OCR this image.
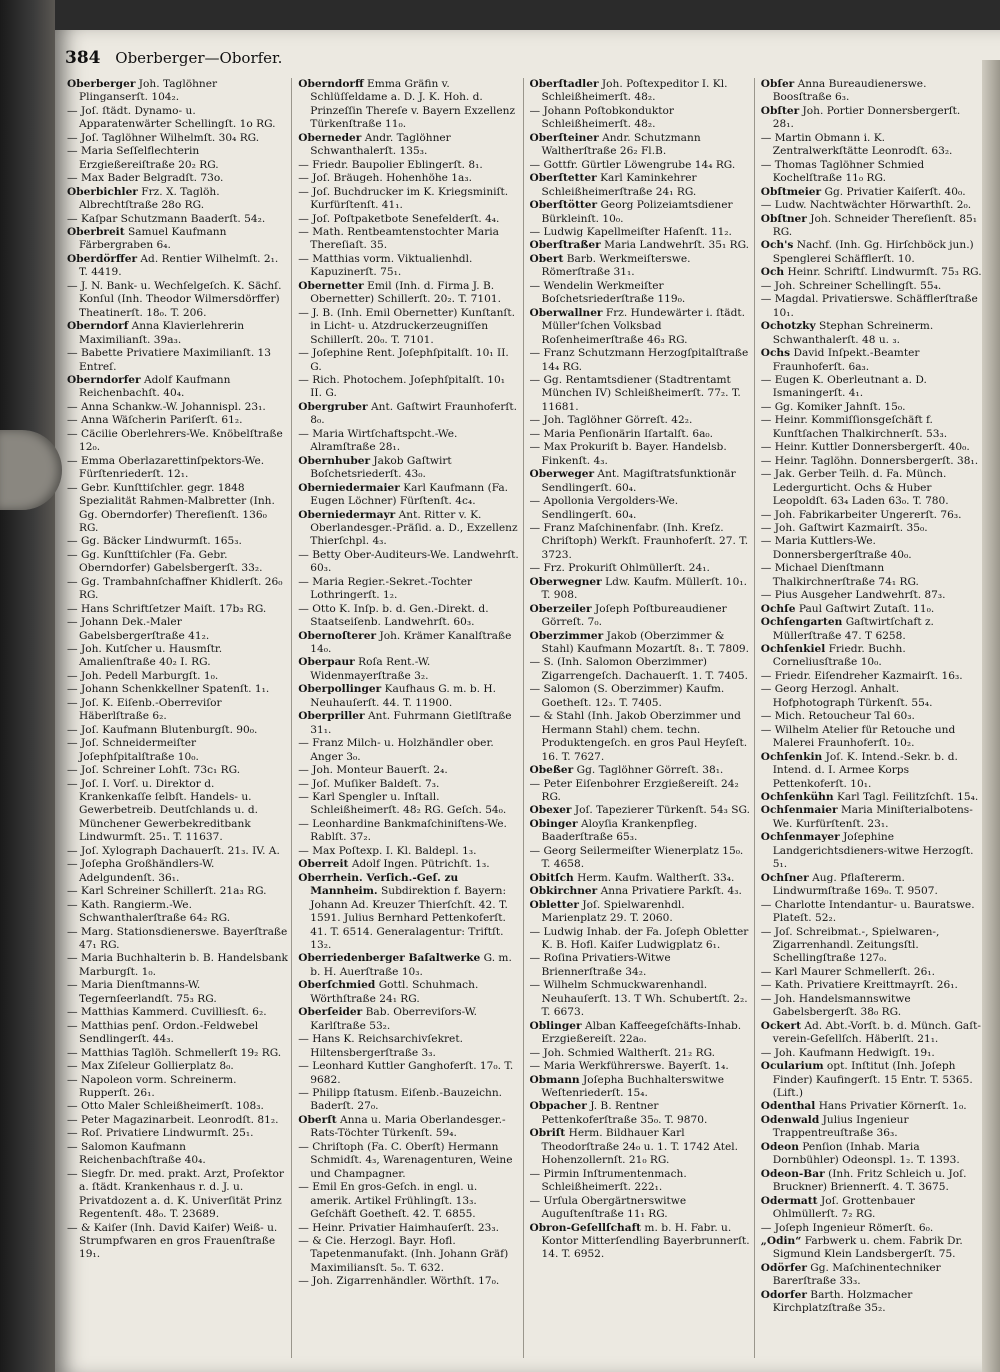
384 Oberberger—Oborfer.

Oberberger Joh. Taglöhner Plinganserſt. 104₂.

— Joſ. ſtädt. Dynamo- u. Apparatenwärter Schellingſt. 1o RG.

— Joſ. Taglöhner Wilhelmſt. 30₄ RG.

— Maria Seſſelflechterin Erzgießereiſtraße 20₂ RG.

— Max Bader Belgradſt. 73o.

Oberbichler Frz. X. Taglöh. Albrechtſtraße 28o RG.

— Kaſpar Schutzmann Baaderſt. 54₂.

Oberbreit Samuel Kaufmann Färbergraben 6₄.

Oberdörffer Ad. Rentier Wilhelmſt. 2₁. T. 4419.

— J. N. Bank- u. Wechſelgeſch. K. Sächſ. Konſul (Inh. Theodor Wilmersdörffer) Theatinerſt. 18₀. T. 206.

Oberndorf Anna Klavierlehrerin Maximilianſt. 39a₃.

— Babette Privatiere Maximilianſt. 13 Entreſ.

Oberndorfer Adolf Kaufmann Reichenbachſt. 40₄.

— Anna Schankw.-W. Johannispl. 23₁.

— Anna Wäſcherin Pariſerſt. 61₂.

— Cäcilie Oberlehrers-We. Knöbelſtraße 12₀.

— Emma Oberlazarettinſpektors-We. Fürſtenriederſt. 12₁.

— Gebr. Kunſttiſchler. gegr. 1848 Spezialität Rahmen-Malbretter (Inh. Gg. Oberndorfer) Thereſienſt. 136₀ RG.

— Gg. Bäcker Lindwurmſt. 165₃.

— Gg. Kunſttiſchler (Fa. Gebr. Oberndorfer) Gabelsbergerſt. 33₂.

— Gg. Trambahnſchaffner Khidlerſt. 26₀ RG.

— Hans Schriftſetzer Maiſt. 17b₃ RG.

— Johann Dek.-Maler Gabelsbergerſtraße 41₂.

— Joh. Kutſcher u. Hausmſtr. Amalienſtraße 40₂ I. RG.

— Joh. Pedell Marburgſt. 1₀.

— Johann Schenkkellner Spatenſt. 1₁.

— Joſ. K. Eiſenb.-Oberreviſor Häberlſtraße 6₂.

— Joſ. Kaufmann Blutenburgſt. 90₀.

— Joſ. Schneidermeiſter Joſephſpitalſtraße 10₀.

— Joſ. Schreiner Lohſt. 73c₁ RG.

— Joſ. I. Vorſ. u. Direktor d. Krankenkaſſe ſelbſt. Handels- u. Gewerbetreib. Deutſchlands u. d. Münchener Gewerbekreditbank Lindwurmſt. 25₁. T. 11637.

— Joſ. Xylograph Dachauerſt. 21₃. IV. A.

— Joſepha Großhändlers-W. Adelgundenſt. 36₁.

— Karl Schreiner Schillerſt. 21a₃ RG.

— Kath. Rangierm.-We. Schwanthalerſtraße 64₂ RG.

— Marg. Stationsdienerswe. Bayerſtraße 47₁ RG.

— Maria Buchhalterin b. B. Handelsbank Marburgſt. 1₀.

— Maria Dienſtmanns-W. Tegernſeerlandſt. 75₃ RG.

— Matthias Kammerd. Cuvilliesſt. 6₂.

— Matthias penſ. Ordon.-Feldwebel Sendlingerſt. 44₃.

— Matthias Taglöh. Schmellerſt 19₂ RG.

— Max Ziſeleur Gollierplatz 8₀.

— Napoleon vorm. Schreinerm. Rupperſt. 26₁.

— Otto Maler Schleißheimerſt. 108₃.

— Peter Magazinarbeit. Leonrodſt. 81₂.

— Roſ. Privatiere Lindwurmſt. 25₁.

— Salomon Kaufmann Reichenbachſtraße 40₄.

— Siegfr. Dr. med. prakt. Arzt, Proſektor a. ſtädt. Krankenhaus r. d. J. u. Privatdozent a. d. K. Univerſität Prinz Regentenſt. 48₀. T. 23689.

— & Kaiſer (Inh. David Kaiſer) Weiß- u. Strumpfwaren en gros Frauenſtraße 19₁.

Oberndorff Emma Gräfin v. Schlüſſeldame a. D. J. K. Hoh. d. Prinzeſſin Thereſe v. Bayern Exzellenz Türkenſtraße 11₀.

Oberneder Andr. Taglöhner Schwanthalerſt. 135₃.

— Friedr. Baupolier Eblingerſt. 8₁.

— Joſ. Bräugeh. Hohenhöhe 1a₃.

— Joſ. Buchdrucker im K. Kriegsminiſt. Kurfürſtenſt. 41₁.

— Joſ. Poſtpaketbote Senefelderſt. 4₄.

— Math. Rentbeamtenstochter Maria Thereſiaſt. 35.

— Matthias vorm. Viktualienhdl. Kapuzinerſt. 75₁.

Obernetter Emil (Inh. d. Firma J. B. Obernetter) Schillerſt. 20₂. T. 7101.

— J. B. (Inh. Emil Obernetter) Kunſtanſt. in Licht- u. Atzdruckerzeugniſſen Schillerſt. 20₀. T. 7101.

— Joſephine Rent. Joſephſpitalſt. 10₁ II. G.

— Rich. Photochem. Joſephſpitalſt. 10₁ II. G.

Obergruber Ant. Gaſtwirt Fraunhoferſt. 8₀.

— Maria Wirtſchaftspcht.-We. Alramſtraße 28₁.

Obernhuber Jakob Gaſtwirt Boſchetsriederſt. 43₀.

Oberniedermaier Karl Kaufmann (Fa. Eugen Löchner) Fürſtenſt. 4c₄.

Oberniedermayr Ant. Ritter v. K. Oberlandesger.-Präſid. a. D., Exzellenz Thierſchpl. 4₃.

— Betty Ober-Auditeurs-We. Landwehrſt. 60₃.

— Maria Regier.-Sekret.-Tochter Lothringerſt. 1₂.

— Otto K. Inſp. b. d. Gen.-Direkt. d. Staatseiſenb. Landwehrſt. 60₃.

Obernoſterer Joh. Krämer Kanalſtraße 14₀.

Oberpaur Roſa Rent.-W. Widenmayerſtraße 3₂.

Oberpollinger Kaufhaus G. m. b. H. Neuhauſerſt. 44. T. 11900.

Oberpriller Ant. Fuhrmann Gietlſtraße 31₁.

— Franz Milch- u. Holzhändler ober. Anger 3₀.

— Joh. Monteur Bauerſt. 2₄.

— Joſ. Muſiker Baldeſt. 7₃.

— Karl Spengler u. Inſtall. Schleißheimerſt. 48₂ RG. Geſch. 54₀.

— Leonhardine Bankmaſchiniſtens-We. Rablſt. 37₂.

— Max Poſtexp. I. Kl. Baldepl. 1₃.

Oberreit Adolf Ingen. Pütrichſt. 1₃.

Oberrhein. Verſich.-Geſ. zu Mannheim. Subdirektion f. Bayern: Johann Ad. Kreuzer Thierſchſt. 42. T. 1591. Julius Bernhard Pettenkoferſt. 41. T. 6514. Generalagentur: Triftſt. 13₂.

Oberriedenberger Baſaltwerke G. m. b. H. Auerſtraße 10₃.

Oberſchmied Gottl. Schuhmach. Wörthſtraße 24₁ RG.

Oberſeider Bab. Oberreviſors-W. Karlſtraße 53₂.

— Hans K. Reichsarchivſekret. Hiltensbergerſtraße 3₃.

— Leonhard Kuttler Ganghoferſt. 17₀. T. 9682.

— Philipp ſtatusm. Eiſenb.-Bauzeichn. Baderſt. 27₀.

Oberſt Anna u. Maria Oberlandesger.-Rats-Töchter Türkenſt. 59₄.

— Chriſtoph (Fa. C. Oberſt) Hermann Schmidſt. 4₃, Warenagenturen, Weine und Champagner.

— Emil En gros-Geſch. in engl. u. amerik. Artikel Frühlingſt. 13₃. Geſchäft Goetheſt. 42. T. 6855.

— Heinr. Privatier Haimhauſerſt. 23₃.

— & Cie. Herzogl. Bayr. Hofl. Tapetenmanufakt. (Inh. Johann Gräf) Maximiliansſt. 5₀. T. 632.

— Joh. Zigarrenhändler. Wörthſt. 17₀.

Oberſtadler Joh. Poſtexpeditor I. Kl. Schleißheimerſt. 48₂.

— Johann Poſtobkonduktor Schleißheimerſt. 48₂.

Oberſteiner Andr. Schutzmann Waltherſtraße 26₂ Fl.B.

— Gottfr. Gürtler Löwengrube 14₄ RG.

Oberſtetter Karl Kaminkehrer Schleißheimerſtraße 24₁ RG.

Oberſtötter Georg Polizeiamtsdiener Bürkleinſt. 10₀.

— Ludwig Kapellmeiſter Haſenſt. 11₂.

Oberſtraßer Maria Landwehrſt. 35₁ RG.

Obert Barb. Werkmeiſterswe. Römerſtraße 31₁.

— Wendelin Werkmeiſter Boſchetsriederſtraße 119₀.

Oberwallner Frz. Hundewärter i. ſtädt. Müller'ſchen Volksbad Roſenheimerſtraße 46₃ RG.

— Franz Schutzmann Herzogſpitalſtraße 14₄ RG.

— Gg. Rentamtsdiener (Stadtrentamt München IV) Schleißheimerſt. 77₂. T. 11681.

— Joh. Taglöhner Görreſt. 42₂.

— Maria Penſionärin Iſartalſt. 6a₀.

— Max Prokuriſt b. Bayer. Handelsb. Finkenſt. 4₃.

Oberweger Ant. Magiſtratsfunktionär Sendlingerſt. 60₄.

— Apollonia Vergolders-We. Sendlingerſt. 60₄.

— Franz Maſchinenfabr. (Inh. Kreſz. Chriſtoph) Werkſt. Fraunhoferſt. 27. T. 3723.

— Frz. Prokuriſt Ohlmüllerſt. 24₁.

Oberwegner Ldw. Kaufm. Müllerſt. 10₁. T. 908.

Oberzeiler Joſeph Poſtbureaudiener Görreſt. 7₀.

Oberzimmer Jakob (Oberzimmer & Stahl) Kaufmann Mozartſt. 8₁. T. 7809.

— S. (Inh. Salomon Oberzimmer) Zigarrengeſch. Dachauerſt. 1. T. 7405.

— Salomon (S. Oberzimmer) Kaufm. Goetheſt. 12₃. T. 7405.

— & Stahl (Inh. Jakob Oberzimmer und Hermann Stahl) chem. techn. Produktengeſch. en gros Paul Heyſeſt. 16. T. 7627.

Obeßer Gg. Taglöhner Görreſt. 38₁.

— Peter Eiſenbohrer Erzgießereiſt. 24₂ RG.

Obexer Joſ. Tapezierer Türkenſt. 54₃ SG.

Obinger Aloyſia Krankenpfleg. Baaderſtraße 65₃.

— Georg Seilermeiſter Wienerplatz 15₀. T. 4658.

Obitſch Herm. Kaufm. Waltherſt. 33₄.

Obkirchner Anna Privatiere Parkſt. 4₃.

Obletter Joſ. Spielwarenhdl. Marienplatz 29. T. 2060.

— Ludwig Inhab. der Fa. Joſeph Obletter K. B. Hofl. Kaiſer Ludwigplatz 6₁.

— Roſina Privatiers-Witwe Briennerſtraße 34₂.

— Wilhelm Schmuckwarenhandl. Neuhauſerſt. 13. T Wh. Schubertſt. 2₂. T. 6673.

Oblinger Alban Kaffeegeſchäfts-Inhab. Erzgießereiſt. 22a₀.

— Joh. Schmied Waltherſt. 21₂ RG.

— Maria Werkführerswe. Bayerſt. 1₄.

Obmann Joſepha Buchhalterswitwe Weſtenriederſt. 15₄.

Obpacher J. B. Rentner Pettenkoferſtraße 35₀. T. 9870.

Obriſt Herm. Bildhauer Karl Theodorſtraße 24₀ u. 1. T. 1742 Atel. Hohenzollernſt. 21₀ RG.

— Pirmin Inſtrumentenmach. Schleißheimerſt. 222₁.

— Urſula Obergärtnerswitwe Auguſtenſtraße 11₁ RG.

Obron-Geſellſchaft m. b. H. Fabr. u. Kontor Mitterſendling Bayerbrunnerſt. 14. T. 6952.

Obſer Anna Bureaudienerswe. Boosſtraße 6₃.

Obſter Joh. Portier Donnersbergerſt. 28₁.

— Martin Obmann i. K. Zentralwerkſtätte Leonrodſt. 63₂.

— Thomas Taglöhner Schmied Kochelſtraße 11₀ RG.

Obſtmeier Gg. Privatier Kaiſerſt. 40₀.

— Ludw. Nachtwächter Hörwarthſt. 2₀.

Obſtner Joh. Schneider Thereſienſt. 85₁ RG.

Och's Nachf. (Inh. Gg. Hirſchböck jun.) Spenglerei Schäfflerſt. 10.

Och Heinr. Schriftſ. Lindwurmſt. 75₃ RG.

— Joh. Schreiner Schellingſt. 55₄.

— Magdal. Privatierswe. Schäfflerſtraße 10₁.

Ochotzky Stephan Schreinerm. Schwanthalerſt. 48 u. ₃.

Ochs David Inſpekt.-Beamter Fraunhoferſt. 6a₃.

— Eugen K. Oberleutnant a. D. Ismaningerſt. 4₁.

— Gg. Komiker Jahnſt. 15₀.

— Heinr. Kommiſſionsgeſchäft f. Kunſtſachen Thalkirchnerſt. 53₃.

— Heinr. Kuttler Donnersbergerſt. 40₀.

— Heinr. Taglöhn. Donnersbergerſt. 38₁.

— Jak. Gerber Teilh. d. Fa. Münch. Ledergurticht. Ochs & Huber Leopoldſt. 63₄ Laden 63₀. T. 780.

— Joh. Fabrikarbeiter Ungererſt. 76₃.

— Joh. Gaſtwirt Kazmairſt. 35₀.

— Maria Kuttlers-We. Donnersbergerſtraße 40₀.

— Michael Dienſtmann Thalkirchnerſtraße 74₁ RG.

— Pius Ausgeher Landwehrſt. 87₃.

Ochſe Paul Gaſtwirt Zutaſt. 11₀.

Ochſengarten Gaſtwirtſchaft z. Müllerſtraße 47. T 6258.

Ochſenkiel Friedr. Buchh. Corneliusſtraße 10₀.

— Friedr. Eiſendreher Kazmairſt. 16₃.

— Georg Herzogl. Anhalt. Hofphotograph Türkenſt. 55₄.

— Mich. Retoucheur Tal 60₃.

— Wilhelm Atelier für Retouche und Malerei Fraunhoferſt. 10₂.

Ochſenkin Joſ. K. Intend.-Sekr. b. d. Intend. d. I. Armee Korps Pettenkoferſt. 10₁.

Ochſenkühn Karl Tagl. Feilitzſchſt. 15₄.

Ochſenmaier Maria Miniſterialbotens-We. Kurfürſtenſt. 23₁.

Ochſenmayer Joſephine Landgerichtsdieners-witwe Herzogſt. 5₁.

Ochſner Aug. Pflaſtererm. Lindwurmſtraße 169₀. T. 9507.

— Charlotte Intendantur- u. Bauratswe. Plateſt. 52₂.

— Joſ. Schreibmat.-, Spielwaren-, Zigarrenhandl. Zeitungsſtl. Schellingſtraße 127₀.

— Karl Maurer Schmellerſt. 26₁.

— Kath. Privatiere Kreittmayrſt. 26₁.

— Joh. Handelsmannswitwe Gabelsbergerſt. 38₀ RG.

Ockert Ad. Abt.-Vorſt. b. d. Münch. Gaſt-verein-Geſellſch. Häberlſt. 21₁.

— Joh. Kaufmann Hedwigſt. 19₁.

Ocularium opt. Inſtitut (Inh. Joſeph Finder) Kaufingerſt. 15 Entr. T. 5365. (Lift.)

Odenthal Hans Privatier Körnerſt. 1₀.

Odenwald Julius Ingenieur Trappentreuſtraße 36₃.

Odeon Penſion (Inhab. Maria Dornbühler) Odeonspl. 1₂. T. 1393.

Odeon-Bar (Inh. Fritz Schleich u. Joſ. Bruckner) Briennerſt. 4. T. 3675.

Odermatt Joſ. Grottenbauer Ohlmüllerſt. 7₂ RG.

— Joſeph Ingenieur Römerſt. 6₀.

„Odin“ Farbwerk u. chem. Fabrik Dr. Sigmund Klein Landsbergerſt. 75.

Odörfer Gg. Maſchinentechniker Barerſtraße 33₃.

Odorfer Barth. Holzmacher Kirchplatzſtraße 35₂.
